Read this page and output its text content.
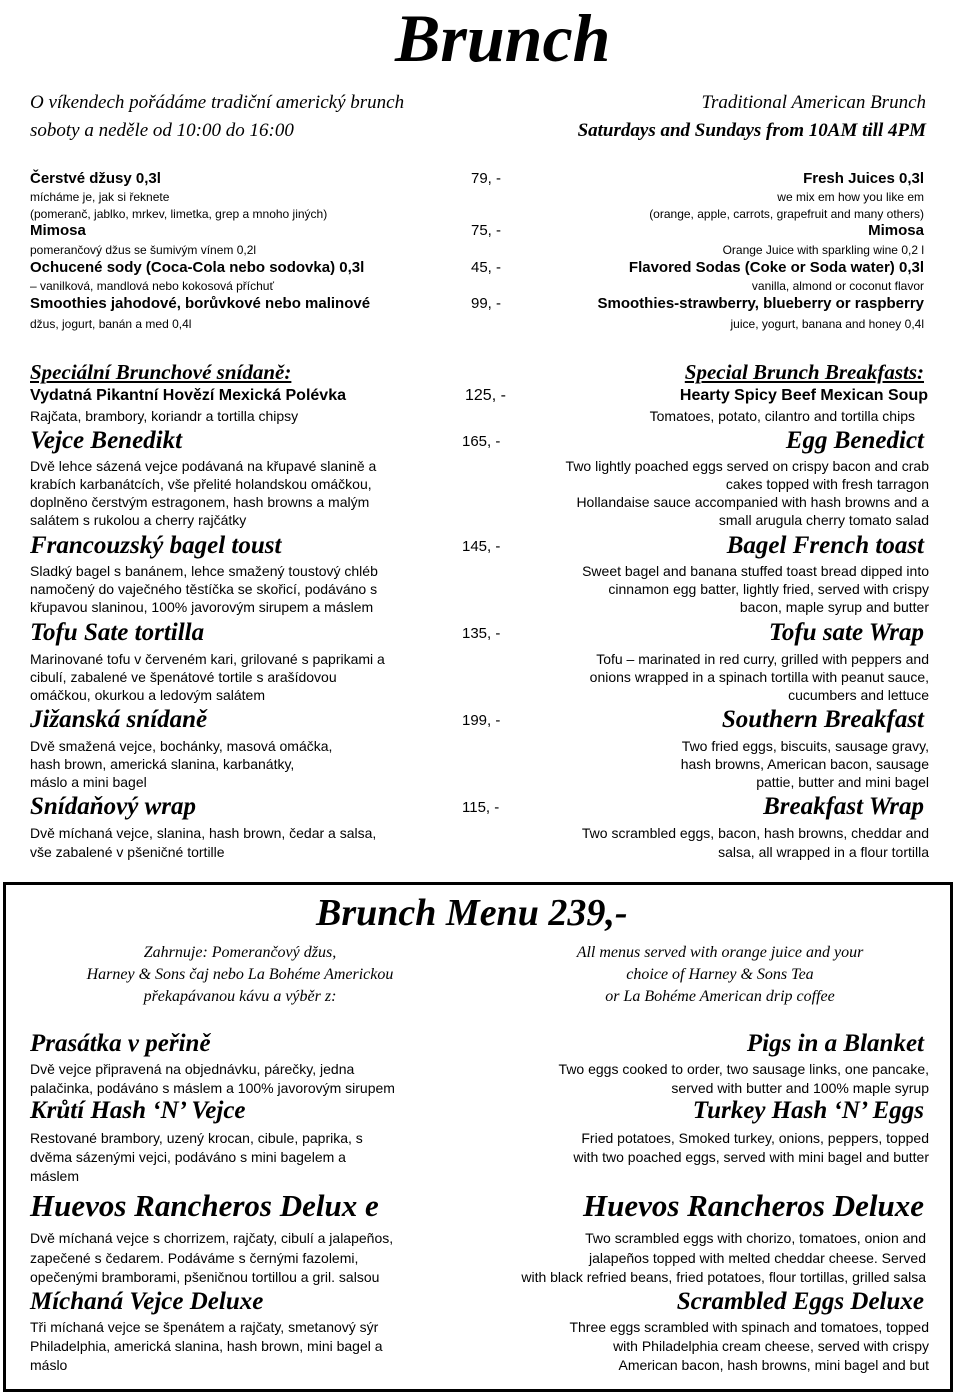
Brunch
O víkendech pořádáme tradiční americký brunch
soboty a neděle od 10:00 do 16:00
Traditional American Brunch
Saturdays and Sundays from 10AM till 4PM
Čerstvé džusy 0,3l	79, -	Fresh Juices 0,3l
mícháme je, jak si řeknete
(pomeranč, jablko, mrkev, limetka, grep a mnoho jiných)
we mix em how you like em
(orange, apple, carrots, grapefruit and many others)
Mimosa	75, -	Mimosa
pomerančový džus se šumivým vínem 0,2l	Orange Juice with sparkling wine 0,2 l
Ochucené sody (Coca-Cola nebo sodovka) 0,3l	45, -	Flavored Sodas (Coke or Soda water) 0,3l
– vanilková, mandlová nebo kokosová příchuť	vanilla, almond or coconut flavor
Smoothies jahodové, borůvkové nebo malinové	99, -	Smoothies-strawberry, blueberry or raspberry
džus, jogurt, banán a med 0,4l	juice, yogurt, banana and honey 0,4l
Speciální Brunchové snídaně:	Special Brunch Breakfasts:
Vydatná Pikantní Hovězí Mexická Polévka	125, -	Hearty Spicy Beef Mexican Soup
Rajčata, brambory, koriandr a tortilla chipsy	Tomatoes, potato, cilantro and tortilla chips
Vejce Benedikt	165, -	Egg Benedict
Dvě lehce sázená vejce podávaná na křupavé slanině a
krabích karbanátcích, vše přelité holandskou omáčkou,
doplněno čerstvým estragonem, hash browns a malým
salátem s rukolou a cherry rajčátky
Two lightly poached eggs served on crispy bacon and crab
cakes topped with fresh tarragon
Hollandaise sauce accompanied with hash browns and a
small arugula cherry tomato salad
Francouzský bagel toust	145, -	Bagel French toast
Sladký bagel s banánem, lehce smažený toustový chléb
namočený do vaječného těstíčka se skořicí, podáváno s
křupavou slaninou, 100% javorovým sirupem a máslem
Sweet bagel and banana stuffed toast bread dipped into
cinnamon egg batter, lightly fried, served with crispy
bacon, maple syrup and butter
Tofu Sate tortilla	135, -	Tofu sate Wrap
Marinované tofu v červeném kari, grilované s paprikami a
cibulí, zabalené ve špenátové tortile s arašídovou
omáčkou, okurkou a ledovým salátem
Tofu – marinated in red curry, grilled with peppers and
onions wrapped in a spinach tortilla with peanut sauce,
cucumbers and lettuce
Jižanská snídaně	199, -	Southern Breakfast
Dvě smažená vejce, bochánky, masová omáčka,
hash brown, americká slanina, karbanátky,
máslo a mini bagel
Two fried eggs, biscuits, sausage gravy,
hash browns, American bacon, sausage
pattie, butter and mini bagel
Snídaňový wrap	115, -	Breakfast Wrap
Dvě míchaná vejce, slanina, hash brown, čedar a salsa,
vše zabalené v pšeničné tortille
Two scrambled eggs, bacon, hash browns, cheddar and
salsa, all wrapped in a flour tortilla
Brunch Menu 239,-
Zahrnuje: Pomerančový džus,
Harney & Sons čaj nebo La Bohéme Americkou
překapávanou kávu a výběr z:
All menus served with orange juice and your
choice of Harney & Sons Tea
or La Bohéme American drip coffee
Prasátka v peřině	Pigs in a Blanket
Dvě vejce připravená na objednávku, párečky, jedna
palačinka, podáváno s máslem a 100% javorovým sirupem
Two eggs cooked to order, two sausage links, one pancake,
served with butter and 100% maple syrup
Krůtí Hash ‘N’ Vejce	Turkey Hash ‘N’ Eggs
Restované brambory, uzený krocan, cibule, paprika, s
dvěma sázenými vejci, podáváno s mini bagelem a
máslem
Fried potatoes, Smoked turkey, onions, peppers, topped
with two poached eggs, served with mini bagel and butter
Huevos Rancheros Delux e	Huevos Rancheros Deluxe
Dvě míchaná vejce s chorrizem, rajčaty, cibulí a jalapeños,
zapečené s čedarem. Podáváme s černými fazolemi,
opečenými bramborami, pšeničnou tortillou a gril. salsou
Two scrambled eggs with chorizo, tomatoes, onion and
jalapeños topped with melted cheddar cheese. Served
with black refried beans, fried potatoes, flour tortillas, grilled salsa
Míchaná Vejce Deluxe	Scrambled Eggs Deluxe
Tři míchaná vejce se špenátem a rajčaty, smetanový sýr
Philadelphia, americká slanina, hash brown, mini bagel a
máslo
Three eggs scrambled with spinach and tomatoes, topped
with Philadelphia cream cheese, served with crispy
American bacon, hash browns, mini bagel and but
